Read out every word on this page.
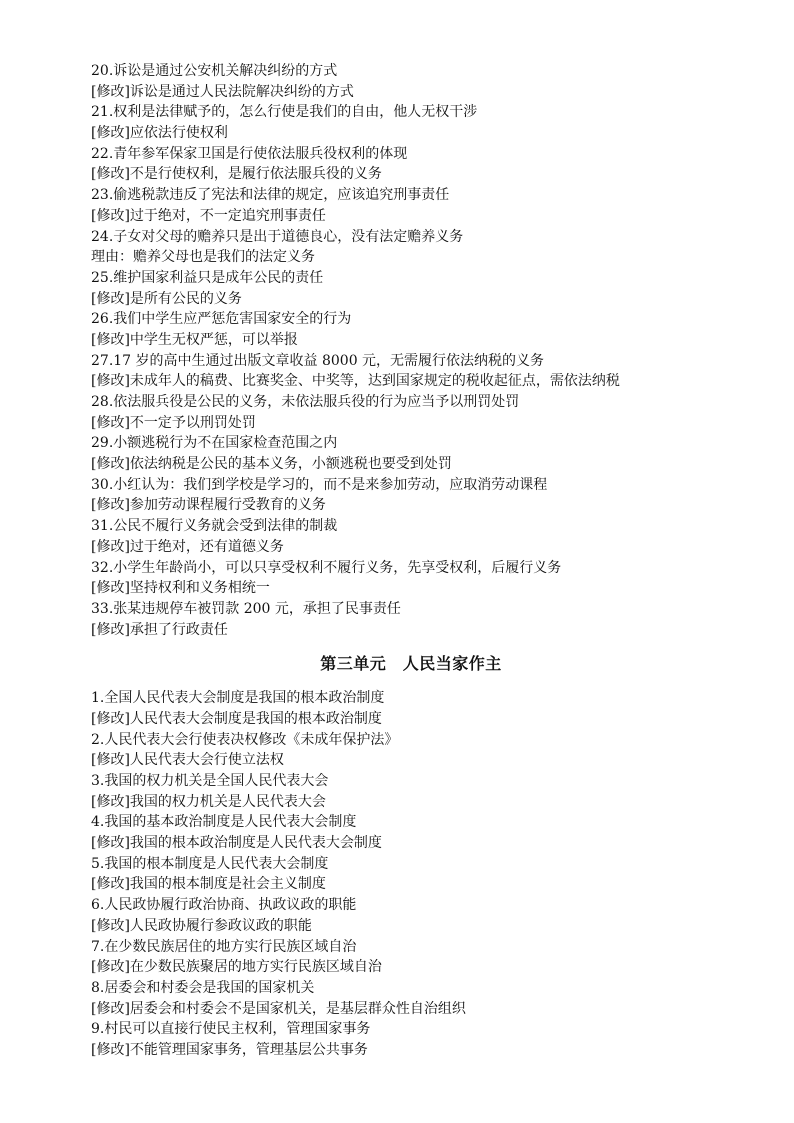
20.诉讼是通过公安机关解决纠纷的方式
[修改]诉讼是通过人民法院解决纠纷的方式
21.权利是法律赋予的，怎么行使是我们的自由，他人无权干涉
[修改]应依法行使权利
22.青年参军保家卫国是行使依法服兵役权利的体现
[修改]不是行使权利，是履行依法服兵役的义务
23.偷逃税款违反了宪法和法律的规定，应该追究刑事责任
[修改]过于绝对，不一定追究刑事责任
24.子女对父母的赡养只是出于道德良心，没有法定赡养义务
理由：赡养父母也是我们的法定义务
25.维护国家利益只是成年公民的责任
[修改]是所有公民的义务
26.我们中学生应严惩危害国家安全的行为
[修改]中学生无权严惩，可以举报
27.17 岁的高中生通过出版文章收益 8000 元，无需履行依法纳税的义务
[修改]未成年人的稿费、比赛奖金、中奖等，达到国家规定的税收起征点，需依法纳税
28.依法服兵役是公民的义务，未依法服兵役的行为应当予以刑罚处罚
[修改]不一定予以刑罚处罚
29.小额逃税行为不在国家检查范围之内
[修改]依法纳税是公民的基本义务，小额逃税也要受到处罚
30.小红认为：我们到学校是学习的，而不是来参加劳动，应取消劳动课程
[修改]参加劳动课程履行受教育的义务
31.公民不履行义务就会受到法律的制裁
[修改]过于绝对，还有道德义务
32.小学生年龄尚小，可以只享受权利不履行义务，先享受权利，后履行义务
[修改]坚持权利和义务相统一
33.张某违规停车被罚款 200 元，承担了民事责任
[修改]承担了行政责任
第三单元　人民当家作主
1.全国人民代表大会制度是我国的根本政治制度
[修改]人民代表大会制度是我国的根本政治制度
2.人民代表大会行使表决权修改《未成年保护法》
[修改]人民代表大会行使立法权
3.我国的权力机关是全国人民代表大会
[修改]我国的权力机关是人民代表大会
4.我国的基本政治制度是人民代表大会制度
[修改]我国的根本政治制度是人民代表大会制度
5.我国的根本制度是人民代表大会制度
[修改]我国的根本制度是社会主义制度
6.人民政协履行政治协商、执政议政的职能
[修改]人民政协履行参政议政的职能
7.在少数民族居住的地方实行民族区域自治
[修改]在少数民族聚居的地方实行民族区域自治
8.居委会和村委会是我国的国家机关
[修改]居委会和村委会不是国家机关，是基层群众性自治组织
9.村民可以直接行使民主权利，管理国家事务
[修改]不能管理国家事务，管理基层公共事务
